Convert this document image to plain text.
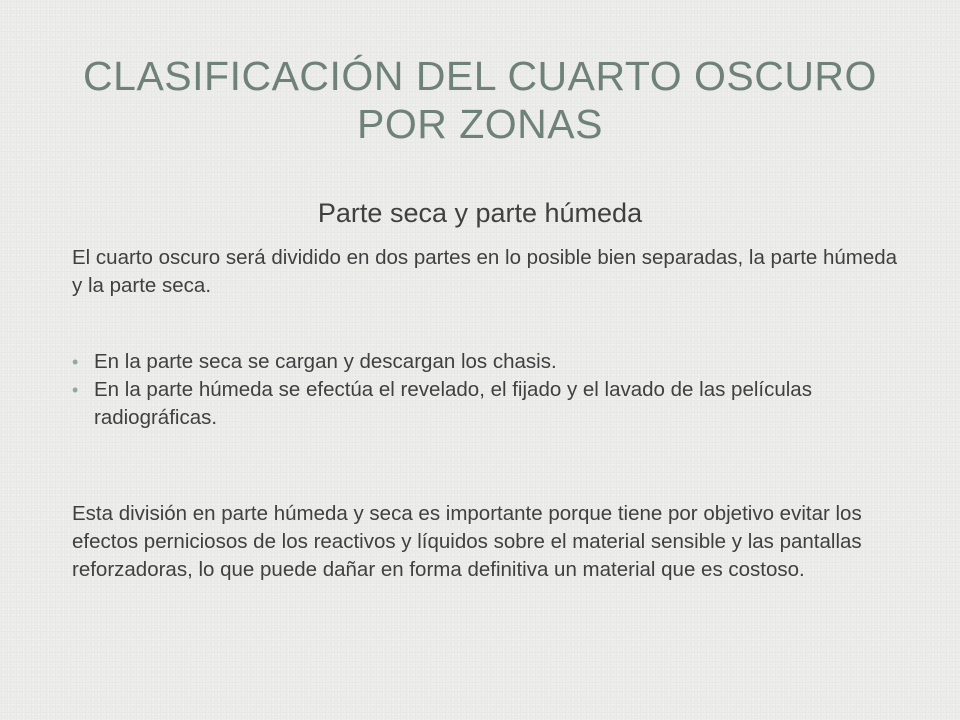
CLASIFICACIÓN DEL CUARTO OSCURO
POR ZONAS
Parte seca y parte húmeda

El cuarto oscuro será dividido en dos partes en lo posible bien separadas, la parte húmeda y la parte seca.

• En la parte seca se cargan y descargan los chasis.
• En la parte húmeda se efectúa el revelado, el fijado y el lavado de las películas radiográficas.

Esta división en parte húmeda y seca es importante porque tiene por objetivo evitar los efectos perniciosos de los reactivos y líquidos sobre el material sensible y las pantallas reforzadoras, lo que puede dañar en forma definitiva un material que es costoso.
